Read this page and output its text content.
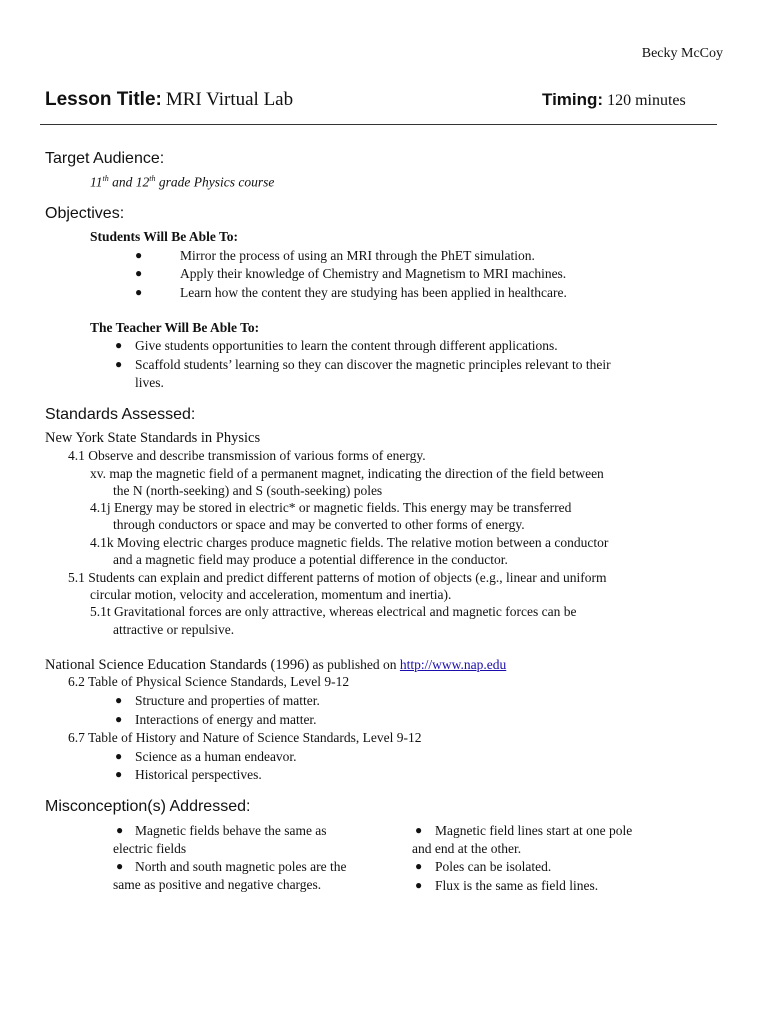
Becky McCoy
Lesson Title: MRI Virtual Lab	Timing: 120 minutes
Target Audience:
11th and 12th grade Physics course
Objectives:
Students Will Be Able To:
●	Mirror the process of using an MRI through the PhET simulation.
●	Apply their knowledge of Chemistry and Magnetism to MRI machines.
●	Learn how the content they are studying has been applied in healthcare.
The Teacher Will Be Able To:
● Give students opportunities to learn the content through different applications.
● Scaffold students’ learning so they can discover the magnetic principles relevant to their
lives.
Standards Assessed:
New York State Standards in Physics
4.1 Observe and describe transmission of various forms of energy.
xv. map the magnetic field of a permanent magnet, indicating the direction of the field between
the N (north-seeking) and S (south-seeking) poles
4.1j Energy may be stored in electric* or magnetic fields. This energy may be transferred
through conductors or space and may be converted to other forms of energy.
4.1k Moving electric charges produce magnetic fields. The relative motion between a conductor
and a magnetic field may produce a potential difference in the conductor.
5.1 Students can explain and predict different patterns of motion of objects (e.g., linear and uniform
circular motion, velocity and acceleration, momentum and inertia).
5.1t Gravitational forces are only attractive, whereas electrical and magnetic forces can be
attractive or repulsive.
National Science Education Standards (1996) as published on http://www.nap.edu
6.2 Table of Physical Science Standards, Level 9-12
● Structure and properties of matter.
● Interactions of energy and matter.
6.7 Table of History and Nature of Science Standards, Level 9-12
● Science as a human endeavor.
● Historical perspectives.
Misconception(s) Addressed:
● Magnetic fields behave the same as
electric fields
● North and south magnetic poles are the
same as positive and negative charges.
● Magnetic field lines start at one pole
and end at the other.
● Poles can be isolated.
● Flux is the same as field lines.
